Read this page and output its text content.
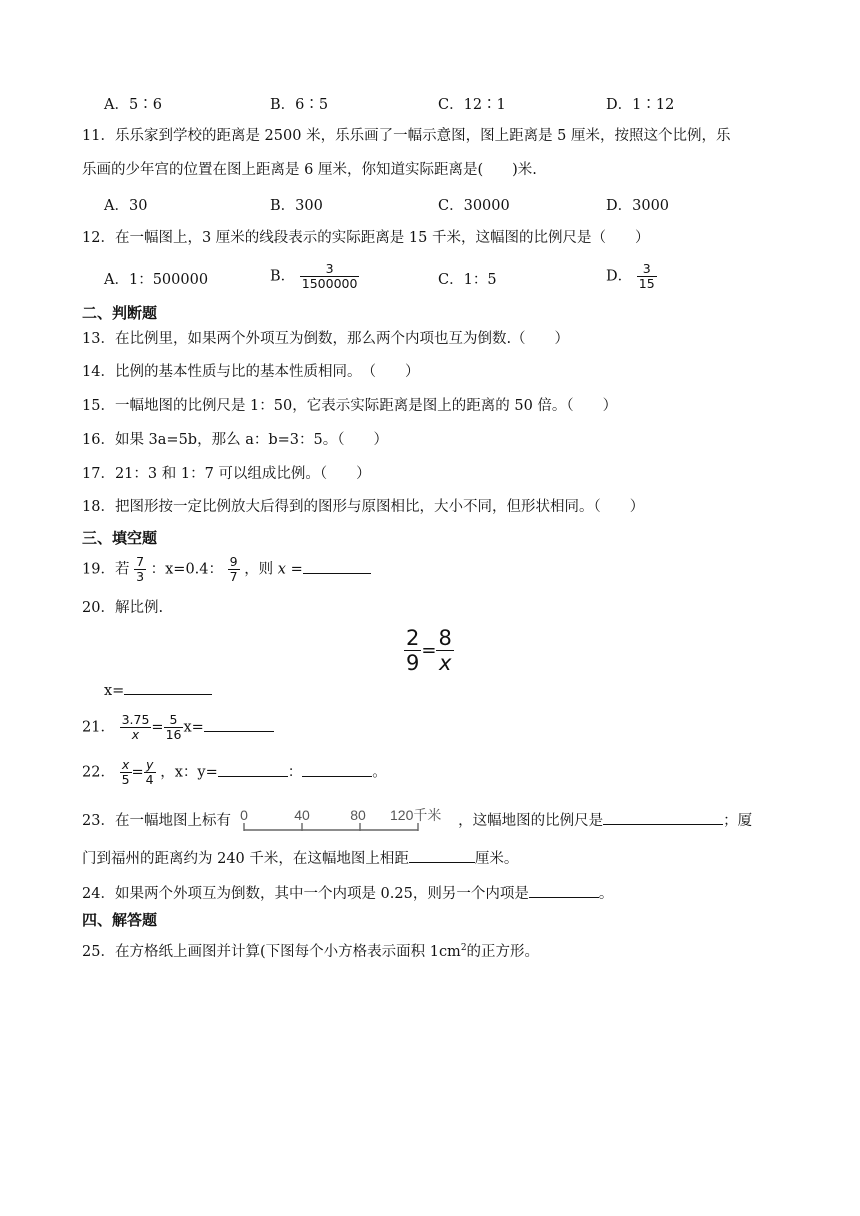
A．5∶6	B．6∶5	C．12∶1	D．1∶12
11．乐乐家到学校的距离是 2500 米，乐乐画了一幅示意图，图上距离是 5 厘米，按照这个比例，乐
乐画的少年宫的位置在图上距离是 6 厘米，你知道实际距离是(　　)米.
A．30	B．300	C．30000	D．3000
12．在一幅图上，3 厘米的线段表示的实际距离是 15 千米，这幅图的比例尺是（　　）
A．1：500000	B． $\frac{3}{1500000}$	C．1：5	D． $\frac{3}{15}$
二、判断题
13．在比例里，如果两个外项互为倒数，那么两个内项也互为倒数.（　　）
14．比例的基本性质与比的基本性质相同。　（　　）
15．一幅地图的比例尺是 1：50，它表示实际距离是图上的距离的 50 倍。（　　）
16．如果 3a=5b，那么 a：b=3：5。（　　）
17．21：3 和 1：7 可以组成比例。（　　）
18．把图形按一定比例放大后得到的图形与原图相比，大小不同，但形状相同。（　　）
三、填空题
19．若 $\frac{7}{3}$ ：x=0.4： $\frac{9}{7}$ ，则 x =
20．解比例.
$\frac{2}{9} = \frac{8}{x}$
x=
21． $\frac{3.75}{x} = \frac{5}{16} x=$
22． $\frac{x}{5} = \frac{y}{4}$ ，x：y=	：	。
23．在一幅地图上标有 0	40	80 120千米 ，这幅地图的比例尺是	；厦
门到福州的距离约为 240 千米，在这幅地图上相距	厘米。
24．如果两个外项互为倒数，其中一个内项是 0.25，则另一个内项是	。
四、解答题
25．在方格纸上画图并计算(下图每个小方格表示面积 $1cm^2$的正方形。
